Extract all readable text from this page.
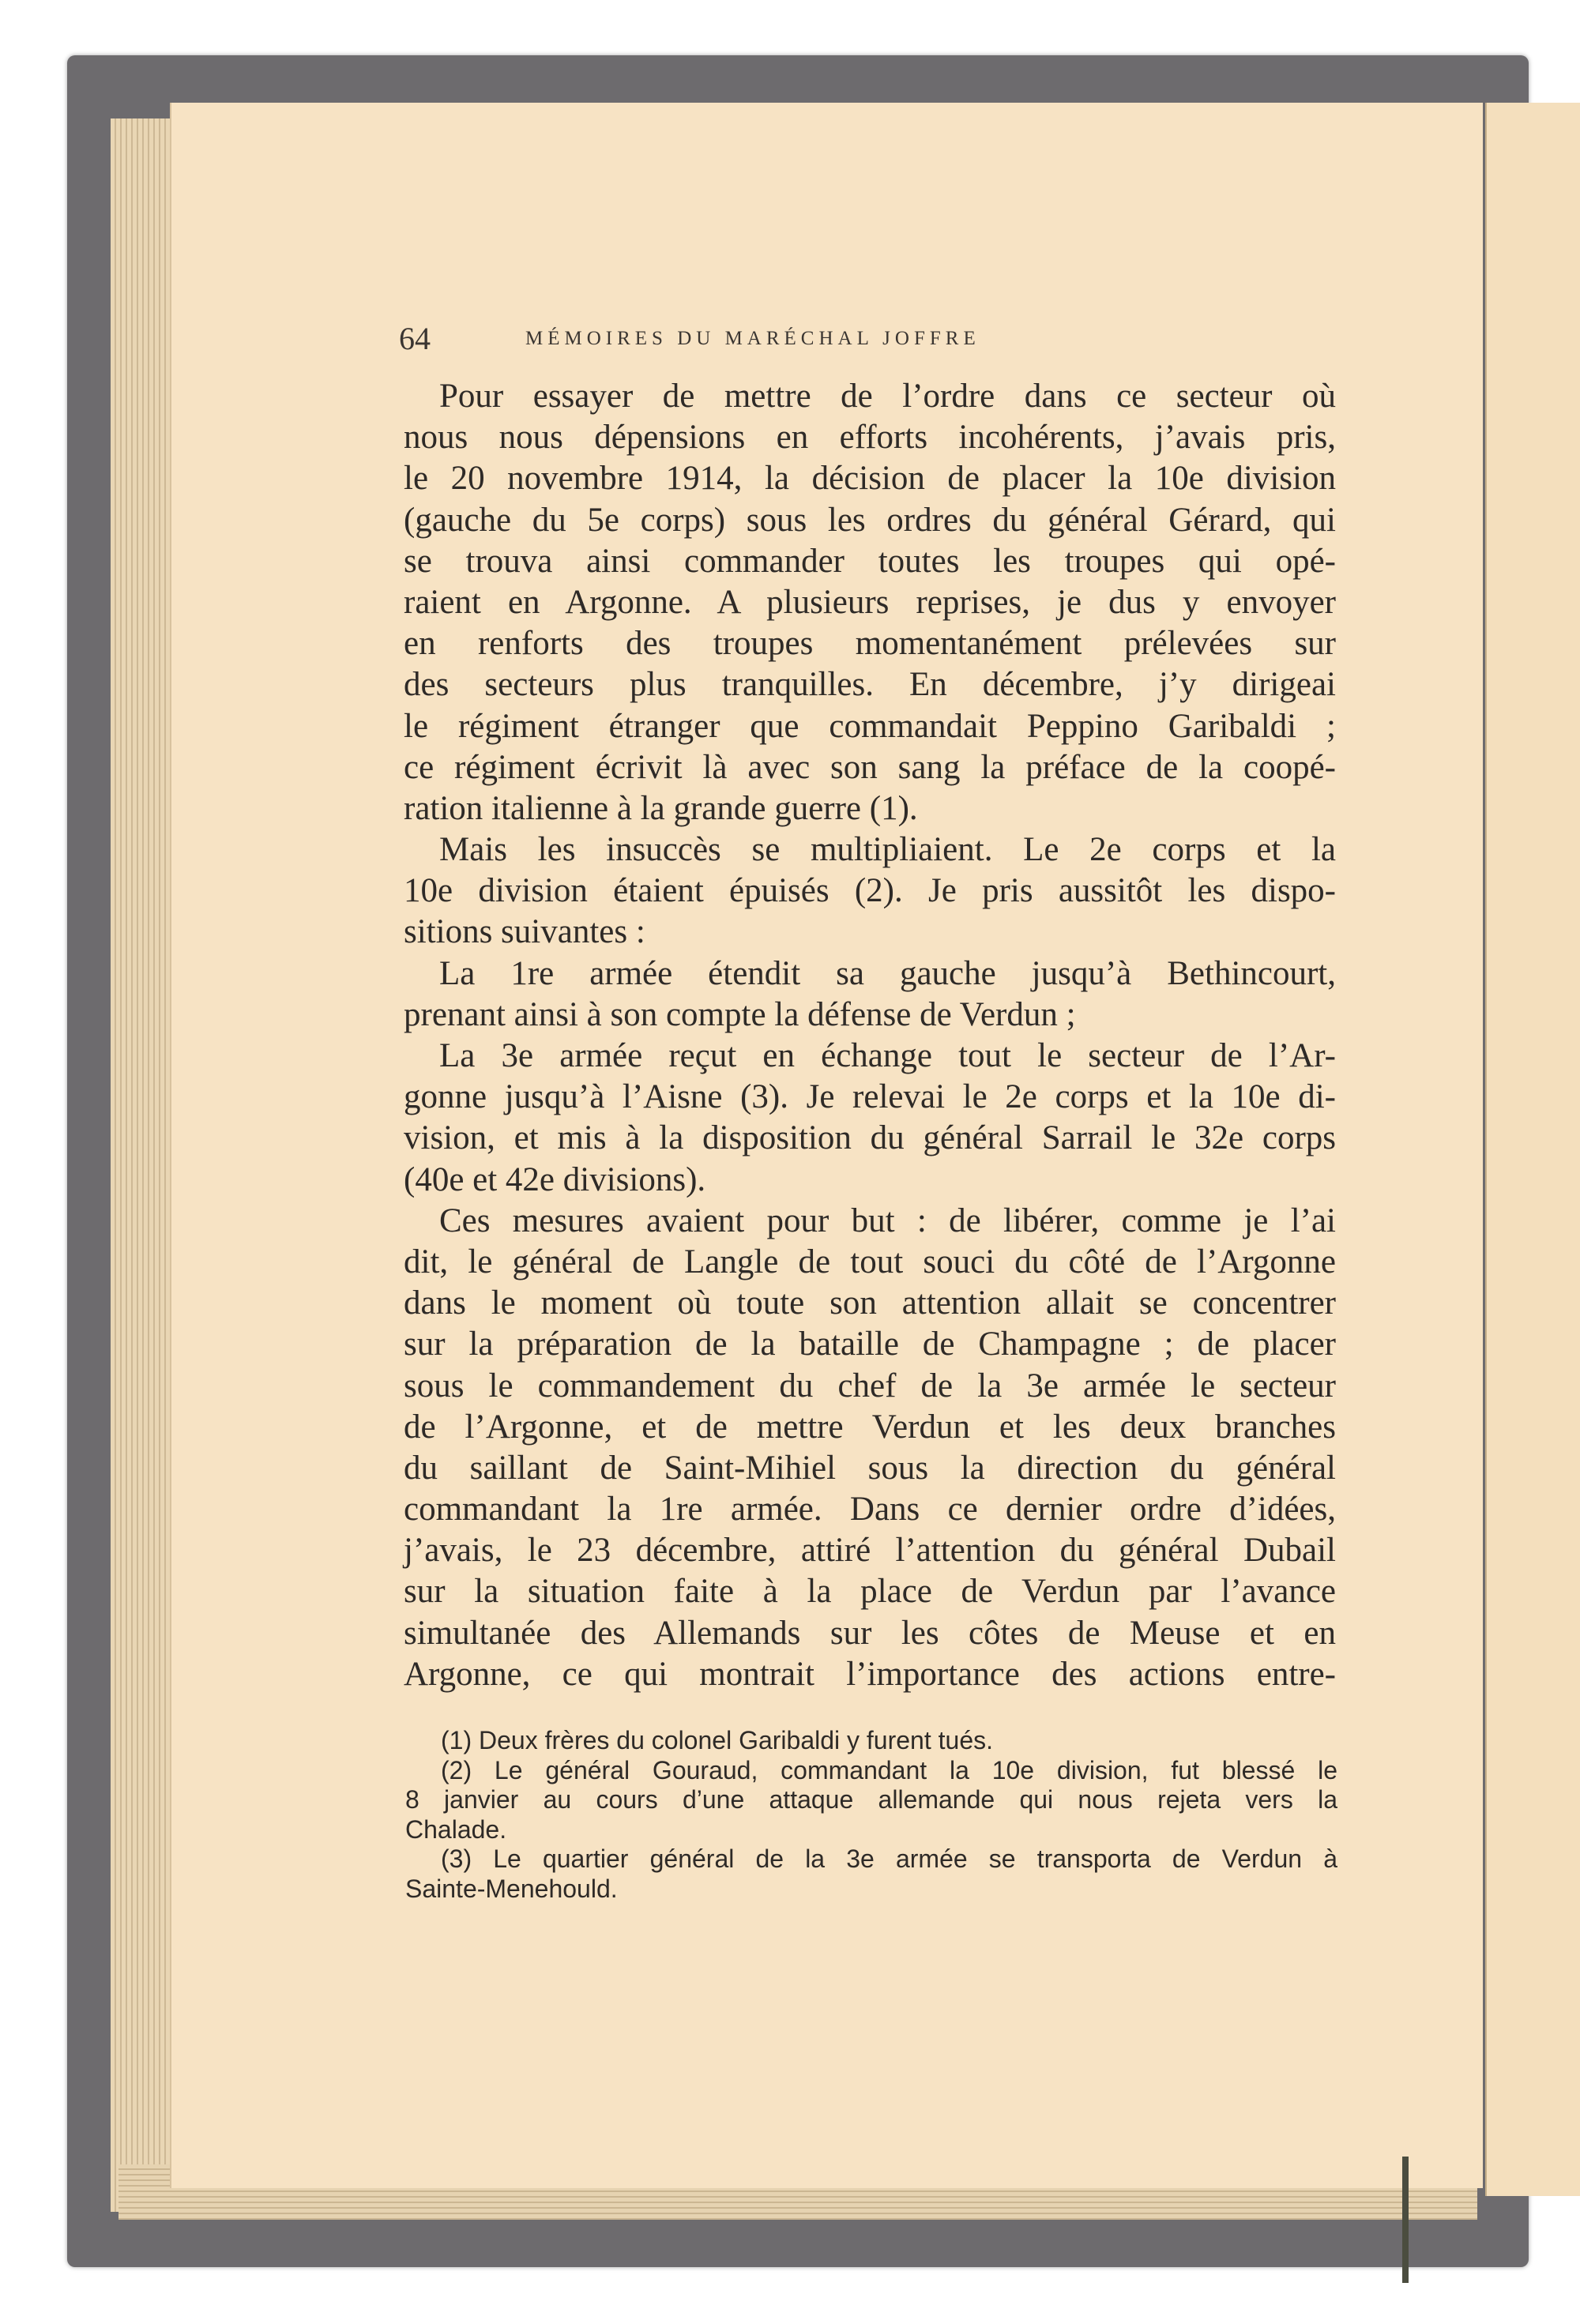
64	MÉMOIRES DU MARÉCHAL JOFFRE
Pour essayer de mettre de l’ordre dans ce secteur où
nous nous dépensions en efforts incohérents, j’avais pris,
le 20 novembre 1914, la décision de placer la 10e division
(gauche du 5e corps) sous les ordres du général Gérard, qui
se trouva ainsi commander toutes les troupes qui opé-
raient en Argonne. A plusieurs reprises, je dus y envoyer
en renforts des troupes momentanément prélevées sur
des secteurs plus tranquilles. En décembre, j’y dirigeai
le régiment étranger que commandait Peppino Garibaldi ;
ce régiment écrivit là avec son sang la préface de la coopé-
ration italienne à la grande guerre (1).
Mais les insuccès se multipliaient. Le 2e corps et la
10e division étaient épuisés (2). Je pris aussitôt les dispo-
sitions suivantes :
La 1re armée étendit sa gauche jusqu’à Bethincourt,
prenant ainsi à son compte la défense de Verdun ;
La 3e armée reçut en échange tout le secteur de l’Ar-
gonne jusqu’à l’Aisne (3). Je relevai le 2e corps et la 10e di-
vision, et mis à la disposition du général Sarrail le 32e corps
(40e et 42e divisions).
Ces mesures avaient pour but : de libérer, comme je l’ai
dit, le général de Langle de tout souci du côté de l’Argonne
dans le moment où toute son attention allait se concentrer
sur la préparation de la bataille de Champagne ; de placer
sous le commandement du chef de la 3e armée le secteur
de l’Argonne, et de mettre Verdun et les deux branches
du saillant de Saint-Mihiel sous la direction du général
commandant la 1re armée. Dans ce dernier ordre d’idées,
j’avais, le 23 décembre, attiré l’attention du général Dubail
sur la situation faite à la place de Verdun par l’avance
simultanée des Allemands sur les côtes de Meuse et en
Argonne, ce qui montrait l’importance des actions entre-
(1) Deux frères du colonel Garibaldi y furent tués.
(2) Le général Gouraud, commandant la 10e division, fut blessé le
8 janvier au cours d’une attaque allemande qui nous rejeta vers la
Chalade.
(3) Le quartier général de la 3e armée se transporta de Verdun à
Sainte-Menehould.
